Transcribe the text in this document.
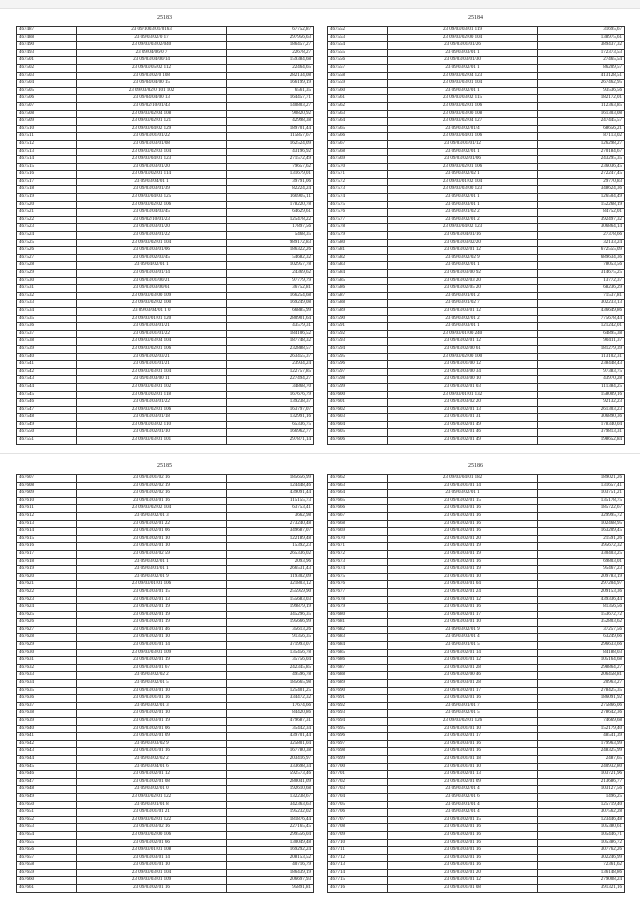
25183
467487	23 09/1003/01/0163	67752,87
467488	23 09/03/02/0 17	297956,63
467490	23 09/03/03/02/040	186457,27
467493	23 09/04/06/0 7	22678,27
467501	23 09/03/04/00/14	159384,68
467502	23 09/03/05/02 112	22464,65
467503	23 09/03/02/0 108	282134,08
467504	23 09/04/04/00 15	166199,19
467505	23 09/03/02/0 101 102	6561,35
467506	23 09/04/04/00 13	164457,71
467507	23 09/02/10/01/43	140803,27
467508	23 09/03/02/04 108	90820,92
467509	23 09/03/02/01 121	42998,38
467510	23 09/03/04/02 129	189701,44
467511	23 09/03/01/01/22	115857,67
467512	23 09/03/03/01/08	162524,09
467513	23 09/03/02/03 104	43196,92
467514	23 09/03/04/01 123	271572,49
467515	23 09/03/03/01/20	79657,62
467516	23 09/03/02/01 114	131679,01
467517	23 09/03/04/01 1	39791,06
467518	23 09/03/03/01/39	82224,24
467519	23 09/03/04/03 125	166905,11
467520	23 09/03/02/02 106	178220,78
467521	23 09/03/04/03/45	64629,61
467522	23 09/02/10/01/23	125478,22
467523	23 09/03/03/01/20	17897,56
467524	23 09/03/03/01/22	5468,35
467525	23 09/03/02/01 104	989172,83
467526	23 09/03/03/01/06	186322,26
467527	23 09/03/02/03/45	54682,32
467528	23 09/04/02/01 1	102957,78
467529	23 09/03/03/01/14	24369,62
467530	23 09/03/01/00/21	97779,79
467531	23 09/03/03/00/61	36752,81
467532	23 09/03/03/00 109	166254,68
467533	23 09/03/02/02 100	169249,08
467534	23 09/03/04/01 1 0	66885,99
467535	23 09/03/01/01 120	280901,64
467536	23 09/03/03/01/21	43579,31
467537	23 09/03/01/01/22	184106,52
467538	23 09/03/03/04 104	187748,32
467539	23 09/03/02/01 106	232888,57
467540	23 09/03/02/03/21	263455,37
467541	23 09/03/01/01/21	23934,24
467542	23 09/03/03/01 104	122757,85
467543	23 09/03/03/00 11	227494,27
467544	23 09/03/03/01 102	34868,70
467545	23 09/03/02/01 118	167676,79
467546	23 09/03/03/01/22	139238,37
467547	23 09/03/02/01 106	163797,07
467548	23 09/03/03/01/18	132991,16
467549	23 09/03/03/02 110	65336,75
467550	23 09/03/02/01/10	166962,77
467551	23 09/03/03/01 101	297871,14
25184
467552	23 09/03/03/01 119	31695,67
467553	23 09/03/02/00 104	138975,61
467554	23 09/03/01/01/26	389437,32
467555	23 09/03/03/01 1	172373,53
467556	23 09/03/03/01/30	27465,54
467557	23 09/03/02/01 1	86209,57
467558	23 09/03/02/04 123	413128,51
467559	23 09/03/03/01 104	267462,95
467560	23 09/03/02/01 1	93536,56
467561	23 09/03/03/02 115	182172,01
467562	23 09/03/02/01 106	112363,85
467563	23 09/03/03/00 108	161303,08
467564	23 09/03/02/04 127	247445,57
467565	23 09/03/02/01/4	68656,21
467566	23 09/03/04/01 106	87113,02
467567	23 09/03/01/01/12	126298,27
467568	23 09/03/02/01 1	270184,67
467569	23 09/03/02/01/06	243295,35
467570	23 09/03/02/01 106	236036,45
467571	23 09/03/02/02 1	272247,45
467572	23 09/03/01/02 104	29770,83
467573	23 09/03/03/00 123	348624,36
467574	23 09/03/02/01 1	126504,49
467575	23 09/03/03/01 1	152268,19
467576	23 09/03/01/02 2	84752,01
467577	23 09/03/02/01 2	392497,32
467578	23 09/03/04/02 123	306864,14
467579	23 09/03/04/01/16	27378,66
467580	23 09/03/03/02/20	32133,24
467581	23 09/03/02/01 12	672555,09
467582	23 09/03/02/02 9	689634,36
467583	23 09/03/02/01 1	78053,56
467584	23 09/03/03/00 92	314675,25
467585	23 09/03/02/03 20	13772,37
467586	23 09/03/02/05 20	68236,29
467587	23 09/03/01/01 2	71537,81
467588	23 09/03/01/02 7	302233,13
467589	23 09/03/03/01 12	436649,86
467590	23 09/03/02/01 2	775678,44
467591	23 09/03/03/01 1	121242,01
467592	23 09/03/01/00 240	64895,38
467593	23 09/03/02/01 12	90411,37
467594	23 09/03/02/00 61	181279,39
467595	23 09/03/02/00 100	113102,31
467596	23 09/03/01/00 12	238448,43
467597	23 09/03/03/00 34	97383,75
467598	23 09/03/03/00 10	43970,28
467599	23 09/03/02/01 03	111384,25
467600	23 09/03/01/01 132	158009,16
467601	23 09/03/03/02 20	92132,23
467602	23 09/03/02/01 13	261303,23
467603	23 09/03/01/01 31	306890,36
467604	23 09/03/02/01 49	178340,04
467605	23 09/03/02/01 46	379813,31
467606	23 09/03/02/01 49	198652,84
25185
467607	23 09/03/01/02 16	185656,99
467608	23 09/03/02/02 19	124448,46
467609	23 09/03/02/02 16	439091,44
467610	23 09/03/03/01 16	115155,73
467611	23 09/03/02/02 104	63753,41
467612	23 09/03/02/01 3	3662,98
467613	23 09/03/02/01 22	273240,48
467614	23 09/03/02/01 06	349687,07
467615	23 09/03/02/01 10	122189,48
467616	23 09/03/02/01 10	15392,23
467617	23 09/03/03/02 59	265336,02
467618	23 09/03/02/01 1	2093,96
467619	23 09/03/01/01 1	266531,43
467620	23 09/03/02/01 9	119302,09
467621	23 09/03/01/01 106	321803,12
467622	23 09/03/03/01 15	255959,90
467623	23 09/03/02/01 13	155683,03
467624	23 09/03/02/01 19	199879,19
467625	23 09/03/02/01 19	345296,35
467626	23 09/03/02/01 19	195666,99
467627	23 09/03/03/01 46	35613,26
467628	23 09/03/02/01 10	91356,35
467629	23 09/03/01/01 14	371993,07
467630	23 09/03/03/01 109	135456,78
467631	23 09/03/02/01 19	35756,04
467632	23 09/03/03/01 67	242345,85
467633	23 09/03/02/02 2	49596,78
467634	23 09/03/02/01 5	185665,98
467635	23 09/03/03/01 10	125401,25
467636	23 09/03/01/01 16	334472,32
467637	23 09/03/02/01 3	17674,66
467638	23 09/03/02/01 10	84420,86
467639	23 09/03/03/01 19	479687,31
467640	23 09/03/02/01 06	35442,34
467641	23 09/03/02/01 09	439701,44
467642	23 09/03/03/02 9	325801,04
467643	23 09/03/01/01 16	167780,38
467644	23 09/03/02/02 2	203416,97
467645	23 09/03/04/01 6	333698,34
467646	23 09/03/02/01 12	592573,46
467647	23 09/03/02/01 08	280041,09
467648	23 09/03/02/01 0	192610,68
467649	23 09/03/02/01 122	132238,67
467650	23 09/03/01/01 8	342363,63
467651	23 09/03/01/01 21	195232,02
467652	23 09/03/02/01 122	181876,44
467653	23 09/03/03/02 16	227165,45
467654	23 09/03/02/00 106	299556,04
467655	23 09/03/02/01 66	130049,48
467656	23 09/03/01/01 108	169292,24
467657	23 09/03/03/01 14	208153,52
467658	23 09/03/01/01 10	40716,79
467659	23 09/03/03/01 104	186439,19
467660	23 09/03/03/01 109	206697,93
467661	23 09/03/02/01 16	95891,81
25186
467662	23 09/03/04/01 182	189021,26
467663	23 09/03/01/01 14	131657,41
467664	23 09/03/02/01 1	103751,21
467665	23 09/03/02/01 15	135178,75
467666	23 09/03/03/01 16	185722,67
467667	23 09/03/02/01 16	329995,72
467668	23 09/03/02/01 16	102468,95
467669	23 09/03/02/01 16	163209,45
467670	23 09/03/02/01 20	21591,26
467671	23 09/03/02/01 19	395672,32
467672	23 09/03/03/01 19	330403,25
467673	23 09/03/02/01 16	69803,01
467674	23 09/03/03/01 19	95467,23
467675	23 09/03/01/01 10	209783,19
467676	23 09/03/03/01 04	297204,97
467677	23 09/03/02/01 24	209153,36
467678	23 09/03/02/01 12	439336,44
467679	23 09/03/02/01 16	81356,56
467680	23 09/03/02/01 17	153672,72
467681	23 09/03/03/01 10	352803,62
467682	23 09/03/02/01 9	37257,56
467683	23 09/03/03/01 4	63249,66
467684	23 09/03/01/01 5	296633,66
467685	23 09/03/02/01 14	84188,03
467686	23 09/03/01/01 12	105164,68
467687	23 09/03/02/01 28	298864,27
467688	23 09/03/02/00 46	206458,81
467689	23 09/03/03/01 28	20963,27
467690	23 09/03/02/01 17	278425,35
467691	23 09/03/02/01 16	186091,92
467692	23 09/03/01/01 7	275866,06
467693	23 09/03/02/01 5	278642,36
467694	23 09/03/02/01 126	74669,68
467695	23 09/03/01/01 10	152179,40
467696	23 09/03/02/01 17	48541,39
467697	23 09/03/03/01 16	179963,99
467698	23 09/03/02/01 16	248325,99
467699	23 09/03/01/01 18	2487,65
467700	23 09/03/01/01 10	240932,80
467701	23 09/03/02/01 13	103721,96
467702	23 09/03/02/01 09	213686,77
467703	23 09/03/02/01 4	103127,56
467704	23 09/03/02/01 6	1496,25
467705	23 09/03/01/01 4	125719,40
467706	23 09/03/02/01 4	307562,28
467707	23 09/03/02/01 15	123446,48
467708	23 09/03/02/01 16	105380,61
467709	23 09/03/02/01 16	105446,71
467710	23 09/03/02/01 16	105386,72
467711	23 09/03/03/01 16	307762,26
467712	23 09/03/02/01 16	302246,99
467713	23 09/03/01/01 16	72361,62
467714	23 09/03/02/01 20	136148,86
467715	23 09/03/01/01 12	279008,24
467716	23 09/03/01/01 08	391321,16
